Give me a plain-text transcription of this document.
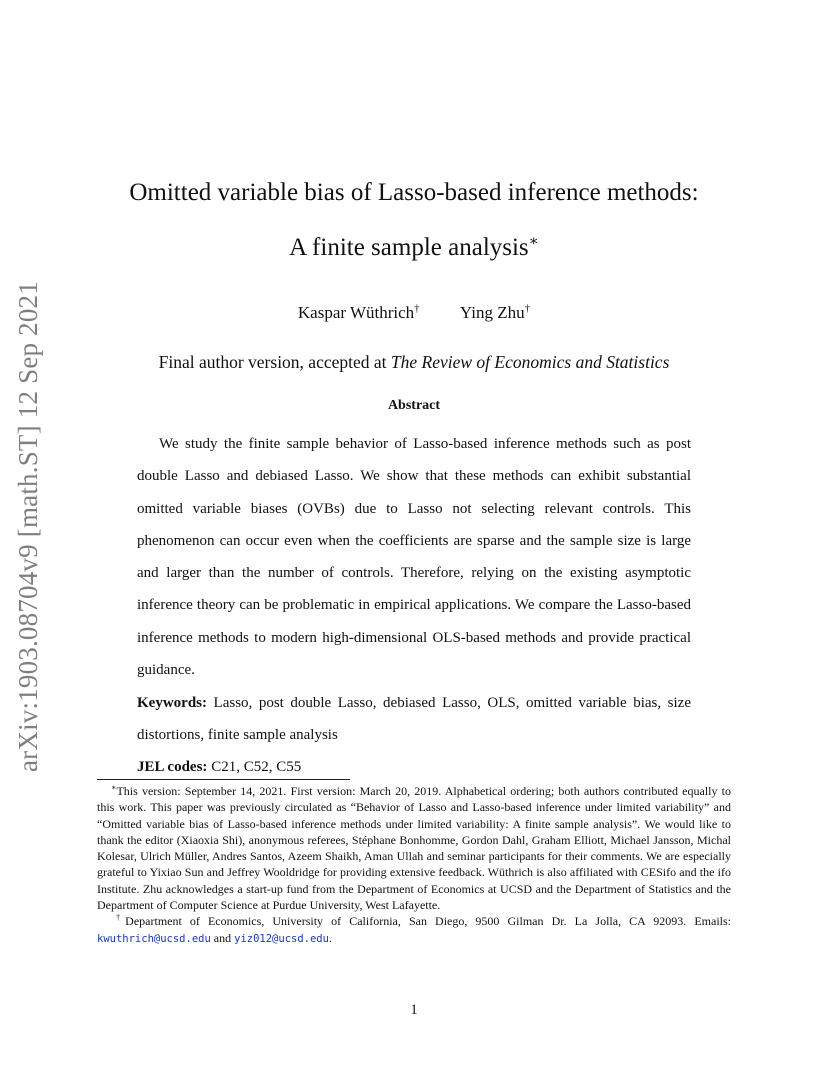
arXiv:1903.08704v9 [math.ST] 12 Sep 2021
Omitted variable bias of Lasso-based inference methods:
A finite sample analysis∗
Kaspar Wüthrich† Ying Zhu†
Final author version, accepted at The Review of Economics and Statistics
Abstract

We study the finite sample behavior of Lasso-based inference methods such as post double Lasso and debiased Lasso. We show that these methods can exhibit substantial omitted variable biases (OVBs) due to Lasso not selecting relevant controls. This phenomenon can occur even when the coefficients are sparse and the sample size is large and larger than the number of controls. Therefore, relying on the existing asymptotic inference theory can be problematic in empirical applications. We compare the Lasso-based inference methods to modern high-dimensional OLS-based methods and provide practical guidance.

Keywords: Lasso, post double Lasso, debiased Lasso, OLS, omitted variable bias, size distortions, finite sample analysis

JEL codes: C21, C52, C55

∗This version: September 14, 2021. First version: March 20, 2019. Alphabetical ordering; both authors contributed equally to this work. This paper was previously circulated as “Behavior of Lasso and Lasso-based inference under limited variability” and “Omitted variable bias of Lasso-based inference methods under limited variability: A finite sample analysis”. We would like to thank the editor (Xiaoxia Shi), anonymous referees, Stéphane Bonhomme, Gordon Dahl, Graham Elliott, Michael Jansson, Michal Kolesar, Ulrich Müller, Andres Santos, Azeem Shaikh, Aman Ullah and seminar participants for their comments. We are especially grateful to Yixiao Sun and Jeffrey Wooldridge for providing extensive feedback. Wüthrich is also affiliated with CESifo and the ifo Institute. Zhu acknowledges a start-up fund from the Department of Economics at UCSD and the Department of Statistics and the Department of Computer Science at Purdue University, West Lafayette.

†Department of Economics, University of California, San Diego, 9500 Gilman Dr. La Jolla, CA 92093. Emails: kwuthrich@ucsd.edu and yiz012@ucsd.edu.

1
